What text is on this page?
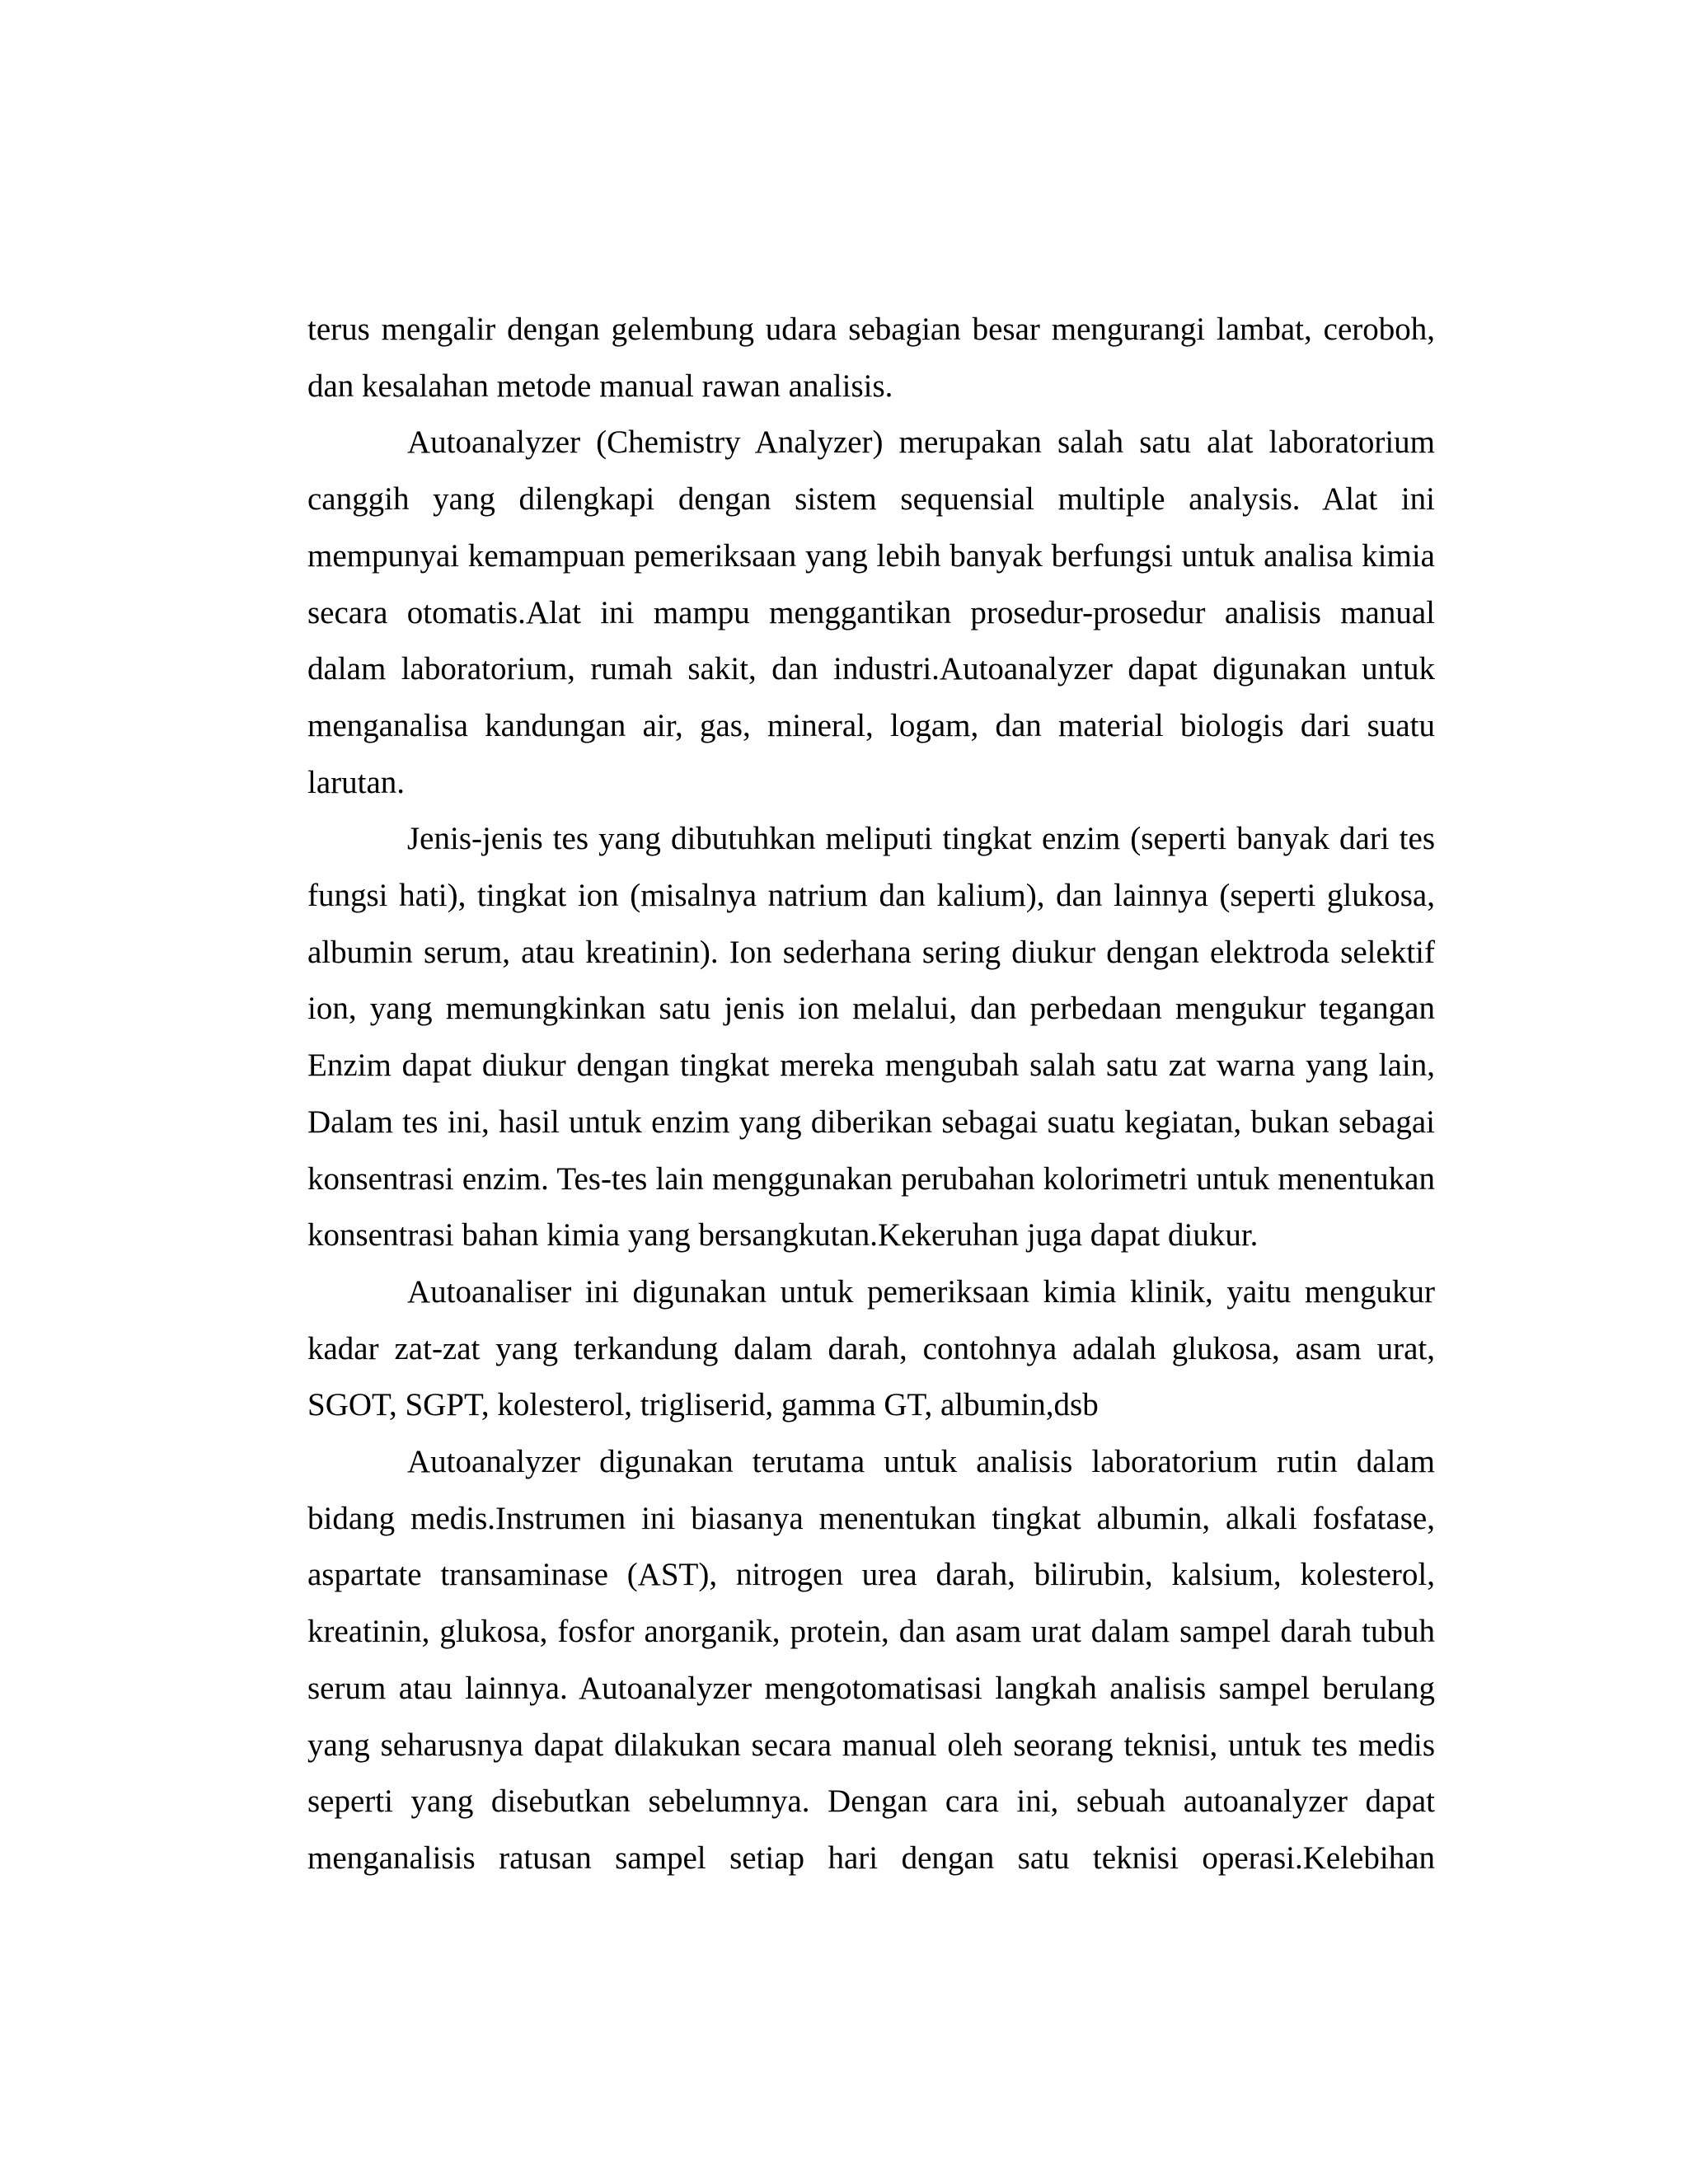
terus mengalir dengan gelembung udara sebagian besar mengurangi lambat, ceroboh, dan kesalahan metode manual rawan analisis.

Autoanalyzer (Chemistry Analyzer) merupakan salah satu alat laboratorium canggih yang dilengkapi dengan sistem sequensial multiple analysis. Alat ini mempunyai kemampuan pemeriksaan yang lebih banyak berfungsi untuk analisa kimia secara otomatis.Alat ini mampu menggantikan prosedur-prosedur analisis manual dalam laboratorium, rumah sakit, dan industri.Autoanalyzer dapat digunakan untuk menganalisa kandungan air, gas, mineral, logam, dan material biologis dari suatu larutan.

Jenis-jenis tes yang dibutuhkan meliputi tingkat enzim (seperti banyak dari tes fungsi hati), tingkat ion (misalnya natrium dan kalium), dan lainnya (seperti glukosa, albumin serum, atau kreatinin). Ion sederhana sering diukur dengan elektroda selektif ion, yang memungkinkan satu jenis ion melalui, dan perbedaan mengukur tegangan Enzim dapat diukur dengan tingkat mereka mengubah salah satu zat warna yang lain, Dalam tes ini, hasil untuk enzim yang diberikan sebagai suatu kegiatan, bukan sebagai konsentrasi enzim. Tes-tes lain menggunakan perubahan kolorimetri untuk menentukan konsentrasi bahan kimia yang bersangkutan.Kekeruhan juga dapat diukur.

Autoanaliser ini digunakan untuk pemeriksaan kimia klinik, yaitu mengukur kadar zat-zat yang terkandung dalam darah, contohnya adalah glukosa, asam urat, SGOT, SGPT, kolesterol, trigliserid, gamma GT, albumin,dsb

Autoanalyzer digunakan terutama untuk analisis laboratorium rutin dalam bidang medis.Instrumen ini biasanya menentukan tingkat albumin, alkali fosfatase, aspartate transaminase (AST), nitrogen urea darah, bilirubin, kalsium, kolesterol, kreatinin, glukosa, fosfor anorganik, protein, dan asam urat dalam sampel darah tubuh serum atau lainnya. Autoanalyzer mengotomatisasi langkah analisis sampel berulang yang seharusnya dapat dilakukan secara manual oleh seorang teknisi, untuk tes medis seperti yang disebutkan sebelumnya. Dengan cara ini, sebuah autoanalyzer dapat menganalisis ratusan sampel setiap hari dengan satu teknisi operasi.Kelebihan
